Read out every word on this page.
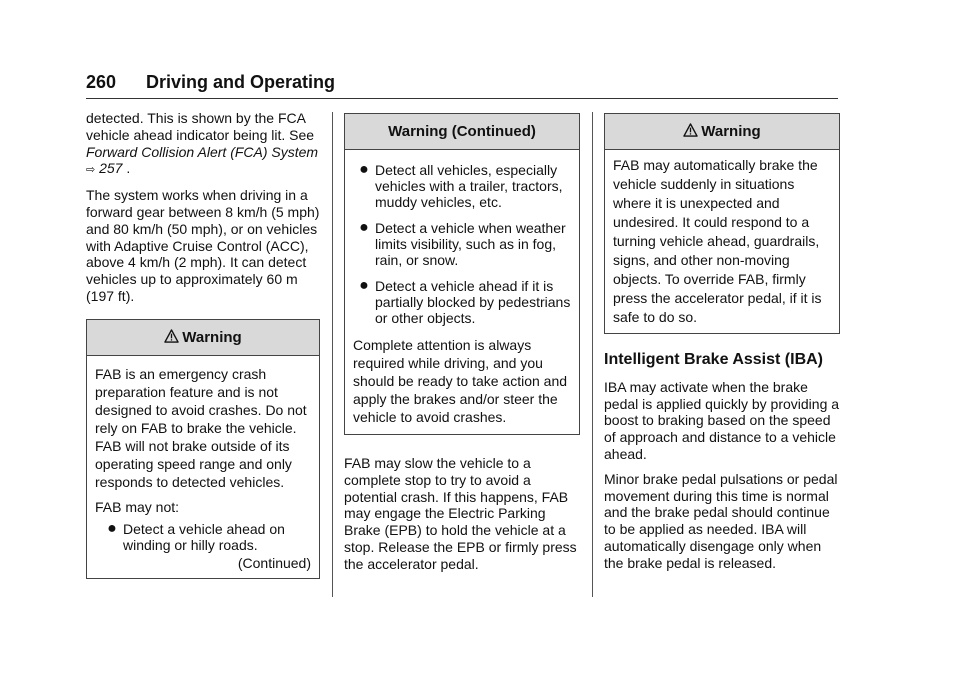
260 Driving and Operating

detected. This is shown by the FCA vehicle ahead indicator being lit. See Forward Collision Alert (FCA) System ⇨ 257 .

The system works when driving in a forward gear between 8 km/h (5 mph) and 80 km/h (50 mph), or on vehicles with Adaptive Cruise Control (ACC), above 4 km/h (2 mph). It can detect vehicles up to approximately 60 m (197 ft).

Warning
FAB is an emergency crash preparation feature and is not designed to avoid crashes. Do not rely on FAB to brake the vehicle. FAB will not brake outside of its operating speed range and only responds to detected vehicles.
FAB may not:
● Detect a vehicle ahead on winding or hilly roads.
(Continued)
Warning (Continued)
● Detect all vehicles, especially vehicles with a trailer, tractors, muddy vehicles, etc.
● Detect a vehicle when weather limits visibility, such as in fog, rain, or snow.
● Detect a vehicle ahead if it is partially blocked by pedestrians or other objects.
Complete attention is always required while driving, and you should be ready to take action and apply the brakes and/or steer the vehicle to avoid crashes.

FAB may slow the vehicle to a complete stop to try to avoid a potential crash. If this happens, FAB may engage the Electric Parking Brake (EPB) to hold the vehicle at a stop. Release the EPB or firmly press the accelerator pedal.

Warning
FAB may automatically brake the vehicle suddenly in situations where it is unexpected and undesired. It could respond to a turning vehicle ahead, guardrails, signs, and other non-moving objects. To override FAB, firmly press the accelerator pedal, if it is safe to do so.
Intelligent Brake Assist (IBA)

IBA may activate when the brake pedal is applied quickly by providing a boost to braking based on the speed of approach and distance to a vehicle ahead.

Minor brake pedal pulsations or pedal movement during this time is normal and the brake pedal should continue to be applied as needed. IBA will automatically disengage only when the brake pedal is released.
